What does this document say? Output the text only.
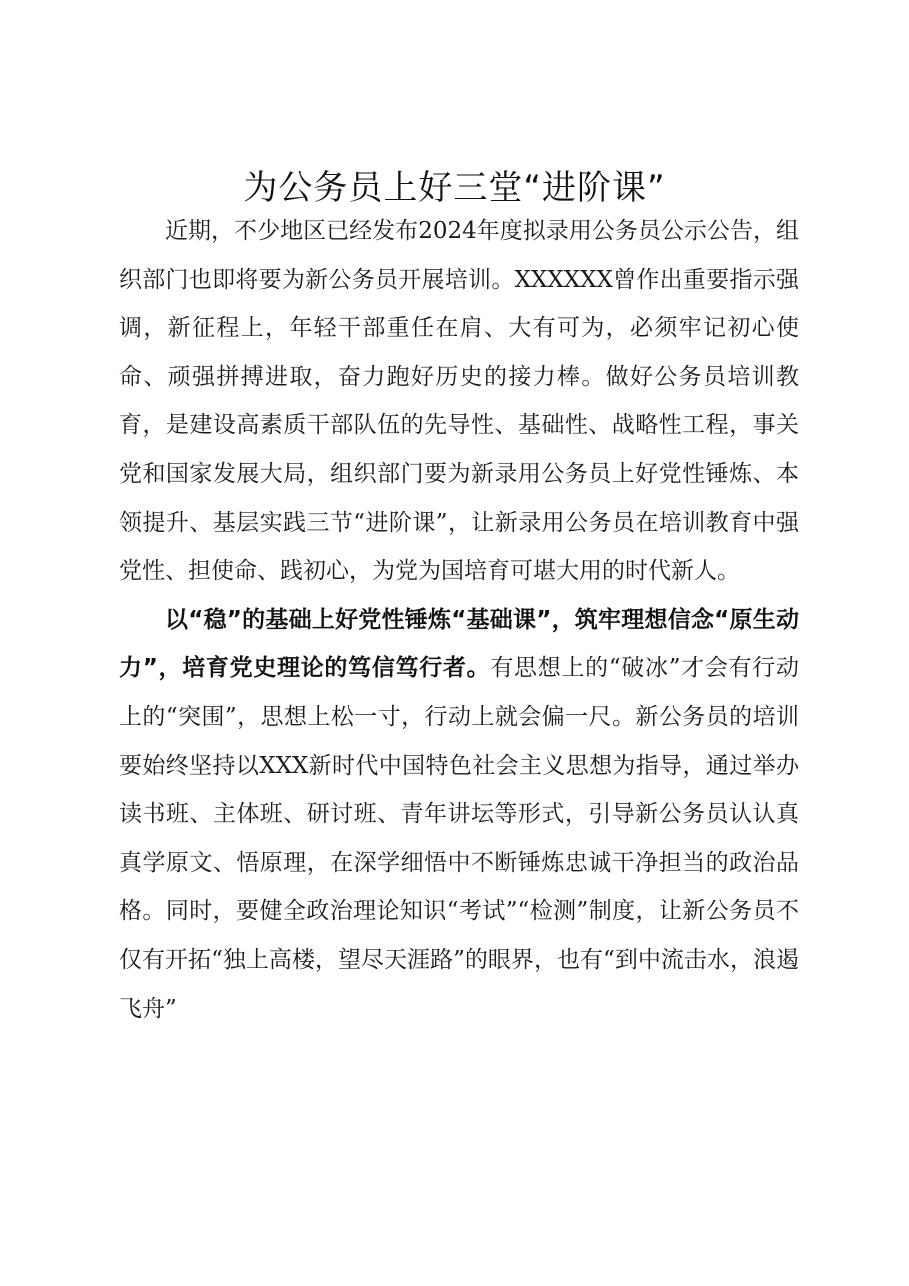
为公务员上好三堂“进阶课”

近期，不少地区已经发布2024年度拟录用公务员公示公告，组织部门也即将要为新公务员开展培训。XXXXXX曾作出重要指示强调，新征程上，年轻干部重任在肩、大有可为，必须牢记初心使命、顽强拼搏进取，奋力跑好历史的接力棒。做好公务员培训教育，是建设高素质干部队伍的先导性、基础性、战略性工程，事关党和国家发展大局，组织部门要为新录用公务员上好党性锤炼、本领提升、基层实践三节“进阶课”，让新录用公务员在培训教育中强党性、担使命、践初心，为党为国培育可堪大用的时代新人。

以“稳”的基础上好党性锤炼“基础课”，筑牢理想信念“原生动力”，培育党史理论的笃信笃行者。有思想上的“破冰”才会有行动上的“突围”，思想上松一寸，行动上就会偏一尺。新公务员的培训要始终坚持以XXX新时代中国特色社会主义思想为指导，通过举办读书班、主体班、研讨班、青年讲坛等形式，引导新公务员认认真真学原文、悟原理，在深学细悟中不断锤炼忠诚干净担当的政治品格。同时，要健全政治理论知识“考试”“检测”制度，让新公务员不仅有开拓“独上高楼，望尽天涯路”的眼界，也有“到中流击水，浪遏飞舟”
